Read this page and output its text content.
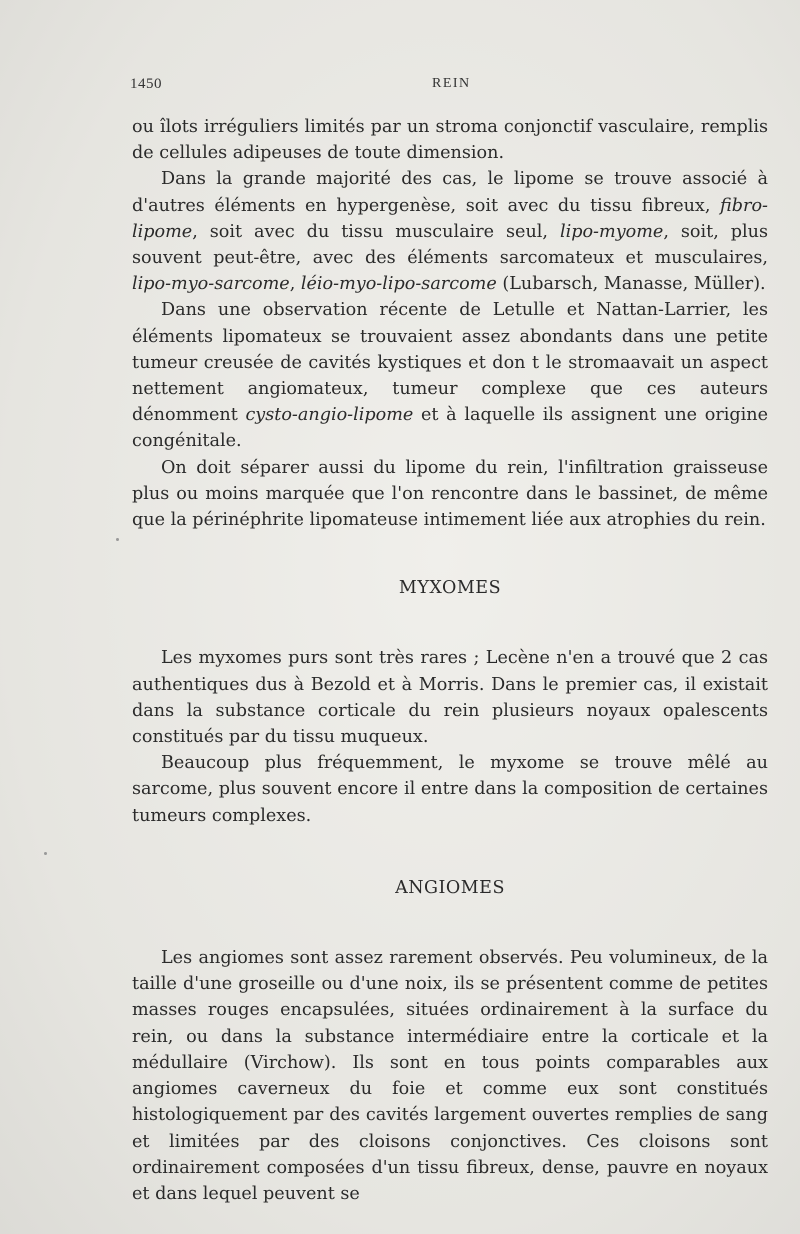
1450	REIN

ou îlots irréguliers limités par un stroma conjonctif vasculaire, remplis de cellules adipeuses de toute dimension.

Dans la grande majorité des cas, le lipome se trouve associé à d'autres éléments en hypergenèse, soit avec du tissu fibreux, fibro-lipome, soit avec du tissu musculaire seul, lipo-myome, soit, plus souvent peut-être, avec des éléments sarcomateux et musculaires, lipo-myo-sarcome, léio-myo-lipo-sarcome (Lubarsch, Manasse, Müller).

Dans une observation récente de Letulle et Nattan-Larrier, les éléments lipomateux se trouvaient assez abondants dans une petite tumeur creusée de cavités kystiques et don t le stromaavait un aspect nettement angiomateux, tumeur complexe que ces auteurs dénomment cysto-angio-lipome et à laquelle ils assignent une origine congénitale.

On doit séparer aussi du lipome du rein, l'infiltration graisseuse plus ou moins marquée que l'on rencontre dans le bassinet, de même que la périnéphrite lipomateuse intimement liée aux atrophies du rein.

MYXOMES

Les myxomes purs sont très rares ; Lecène n'en a trouvé que 2 cas authentiques dus à Bezold et à Morris. Dans le premier cas, il existait dans la substance corticale du rein plusieurs noyaux opalescents constitués par du tissu muqueux.

Beaucoup plus fréquemment, le myxome se trouve mêlé au sarcome, plus souvent encore il entre dans la composition de certaines tumeurs complexes.

ANGIOMES

Les angiomes sont assez rarement observés. Peu volumineux, de la taille d'une groseille ou d'une noix, ils se présentent comme de petites masses rouges encapsulées, situées ordinairement à la surface du rein, ou dans la substance intermédiaire entre la corticale et la médullaire (Virchow). Ils sont en tous points comparables aux angiomes caverneux du foie et comme eux sont constitués histologiquement par des cavités largement ouvertes remplies de sang et limitées par des cloisons conjonctives. Ces cloisons sont ordinairement composées d'un tissu fibreux, dense, pauvre en noyaux et dans lequel peuvent se
